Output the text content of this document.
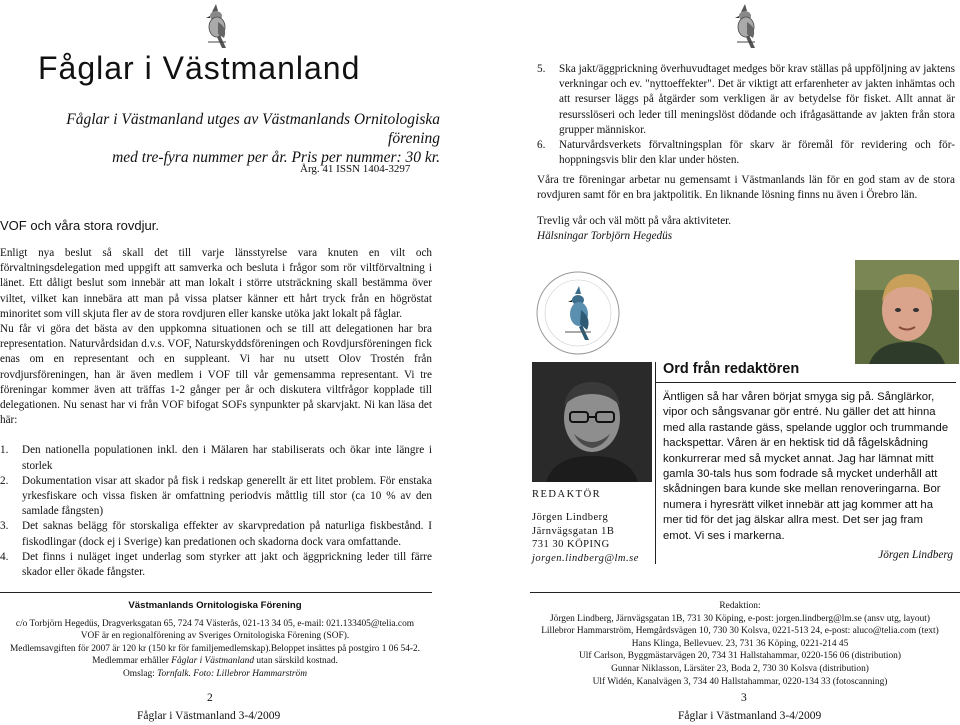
Fåglar i Västmanland
Fåglar i Västmanland utges av Västmanlands Ornitologiska förening
med tre-fyra nummer per år. Pris per nummer: 30 kr.
Årg. 41 ISSN 1404-3297
VOF och våra stora rovdjur.

Enligt nya beslut så skall det till varje länsstyrelse vara knuten en vilt och förvaltningsdelegation med uppgift att samverka och besluta i frågor som rör viltförvaltning i länet. Ett dåligt beslut som innebär att man lokalt i större utsträckning skall bestämma över viltet, vilket kan innebära att man på vissa platser känner ett hårt tryck från en högröstat minoritet som vill skjuta fler av de stora rovdjuren eller kanske utöka jakt lokalt på fåglar.

Nu får vi göra det bästa av den uppkomna situationen och se till att delegationen har bra representation. Naturvårdsidan d.v.s. VOF, Naturskyddsföreningen och Rovdjursföreningen fick enas om en representant och en suppleant. Vi har nu utsett Olov Trostén från rovdjursföreningen, han är även medlem i VOF till vår gemensamma representant. Vi tre föreningar kommer även att träffas 1-2 gånger per år och diskutera viltfrågor kopplade till delegationen. Nu senast har vi från VOF bifogat SOFs synpunkter på skarvjakt. Ni kan läsa det här:

1. Den nationella populationen inkl. den i Mälaren har stabiliserats och ökar inte längre i storlek
2. Dokumentation visar att skador på fisk i redskap generellt är ett litet problem. För enstaka yrkesfiskare och vissa fisken är omfattning periodvis måttlig till stor (ca 10 % av den samlade fångsten)
3. Det saknas belägg för storskaliga effekter av skarvpredation på naturliga fiskbestånd. I fiskodlingar (dock ej i Sverige) kan predationen och skadorna dock vara omfattande.
4. Det finns i nuläget inget underlag som styrker att jakt och äggprickning leder till färre skador eller ökade fångster.
5. Ska jakt/äggprickning överhuvudtaget medges bör krav ställas på uppföljning av jaktens verkningar och ev. "nyttoeffekter". Det är viktigt att erfarenheter av jakten inhämtas och att resurser läggs på åtgärder som verkligen är av betydelse för fisket. Allt annat är resursslöseri och leder till meningslöst dödande och ifrågasättande av jakten från stora grupper människor.
6. Naturvårdsverkets förvaltningsplan för skarv är föremål för revidering och för-hoppningsvis blir den klar under hösten.
Våra tre föreningar arbetar nu gemensamt i Västmanlands län för en god stam av de stora rovdjuren samt för en bra jaktpolitik. En liknande lösning finns nu även i Örebro län.
Trevlig vår och väl mött på våra aktiviteter.
Hälsningar Torbjörn Hegedüs
REDAKTÖR
Jörgen Lindberg
Järnvägsgatan 1B
731 30 KÖPING
jorgen.lindberg@lm.se
Ord från redaktören

Äntligen så har våren börjat smyga sig på. Sånglärkor, vipor och sångsvanar gör entré. Nu gäller det att hinna med alla rastande gäss, spelande ugglor och trummande hackspettar. Våren är en hektisk tid då fågelskådning konkurrerar med så mycket annat. Jag har lämnat mitt gamla 30-tals hus som fodrade så mycket underhåll att skådningen bara kunde ske mellan renoveringarna. Bor numera i hyresrätt vilket innebär att jag kommer att ha mer tid för det jag älskar allra mest. Det ser jag fram emot. Vi ses i markerna.

Jörgen Lindberg

Västmanlands Ornitologiska Förening
c/o Torbjörn Hegedüs, Dragverksgatan 65, 724 74 Västerås, 021-13 34 05, e-mail: 021.133405@telia.com
VOF är en regionalförening av Sveriges Ornitologiska Förening (SOF).
Medlemsavgiften för 2007 är 120 kr (150 kr för familjemedlemskap).Beloppet insättes på postgiro 1 06 54-2.
Medlemmar erhåller Fåglar i Västmanland utan särskild kostnad.
Omslag: Tornfalk. Foto: Lillebror Hammarström
Redaktion:
Jörgen Lindberg, Järnvägsgatan 1B, 731 30 Köping, e-post: jorgen.lindberg@lm.se (ansv utg, layout)
Lillebror Hammarström, Hemgårdsvägen 10, 730 30 Kolsva, 0221-513 24, e-post: aluco@telia.com (text)
Hans Klinga, Bellevuev. 23, 731 36 Köping, 0221-214 45
Ulf Carlson, Byggmästarvägen 20, 734 31 Hallstahammar, 0220-156 06 (distribution)
Gunnar Niklasson, Lärsäter 23, Boda 2, 730 30 Kolsva (distribution)
Ulf Widén, Kanalvägen 3, 734 40 Hallstahammar, 0220-134 33 (fotoscanning)
2
Fåglar i Västmanland 3-4/2009
3
Fåglar i Västmanland 3-4/2009
